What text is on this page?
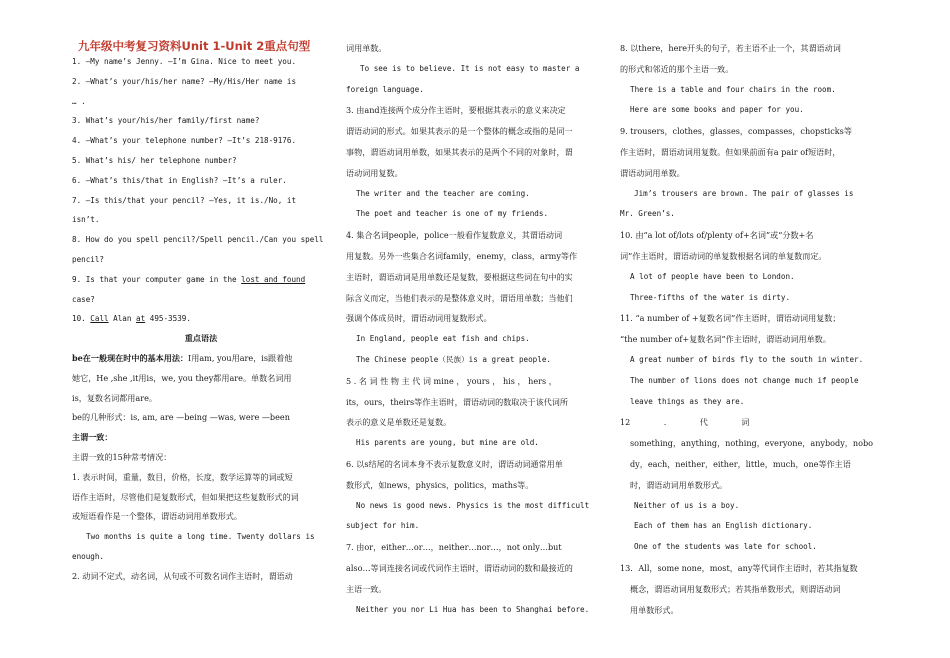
九年级中考复习资料Unit 1-Unit 2重点句型

1. —My name’s Jenny. —I’m Gina. Nice to meet you.

2. —What’s your/his/her name? —My/His/Her name is

… .

3. What’s your/his/her family/first name?

4. —What’s your telephone number? —It’s 218-9176.

5. What’s his/ her telephone number?

6. —What’s this/that in English? —It’s a ruler.

7. —Is this/that your pencil? —Yes, it is./No, it

isn’t.

8. How do you spell pencil?/Spell pencil./Can you spell

pencil?

9. Is that your computer game in the lost and found

case?

10. Call Alan at 495-3539.

重点语法

be在一般现在时中的基本用法：I用am, you用are，is跟着他

她它，He ,she ,it用is，we, you they都用are。单数名词用

is，复数名词都用are。

be的几种形式：is, am, are —being —was, were —been

主谓一致：

主谓一致的15种常考情况：

1. 表示时间，重量，数目，价格，长度，数学运算等的词或短

语作主语时，尽管他们是复数形式，但如果把这些复数形式的词

或短语看作是一个整体，谓语动词用单数形式。

Two months is quite a long time. Twenty dollars is

enough.

2. 动词不定式，动名词，从句或不可数名词作主语时，谓语动

词用单数。

To see is to believe. It is not easy to master a

foreign language.

3. 由and连接两个成分作主语时，要根据其表示的意义来决定

谓语动词的形式。如果其表示的是一个整体的概念或指的是同一

事物，谓语动词用单数，如果其表示的是两个不同的对象时，谓

语动词用复数。

The writer and the teacher are coming.

The poet and teacher is one of my friends.

4. 集合名词people，police一般看作复数意义，其谓语动词

用复数。另外一些集合名词family，enemy，class，army等作

主语时，谓语动词是用单数还是复数，要根据这些词在句中的实

际含义而定，当他们表示的是整体意义时，谓语用单数；当他们

强调个体成员时，谓语动词用复数形式。

In England, people eat fish and chips.

The Chinese people（民族）is a great people.

5 . 名 词 性 物 主 代 词 mine ， yours ， his ， hers ，

its，ours，theirs等作主语时，谓语动词的数取决于该代词所

表示的意义是单数还是复数。

His parents are young, but mine are old.

6. 以s结尾的名词本身不表示复数意义时，谓语动词通常用单

数形式，如news，physics，politics，maths等。

No news is good news. Physics is the most difficult

subject for him.

7. 由or，either…or…，neither…nor…，not only…but

also…等词连接名词或代词作主语时，谓语动词的数和最接近的

主语一致。

Neither you nor Li Hua has been to Shanghai before.

8. 以there，here开头的句子，若主语不止一个，其谓语动词

的形式和邻近的那个主语一致。

There is a table and four chairs in the room.

Here are some books and paper for you.

9. trousers，clothes，glasses，compasses，chopsticks等

作主语时，谓语动词用复数。但如果前面有a pair of短语时，

谓语动词用单数。

Jim’s trousers are brown. The pair of glasses is

Mr. Green’s.

10. 由“a lot of/lots of/plenty of+名词”或“分数+名

词”作主语时，谓语动词的单复数根据名词的单复数而定。

A lot of people have been to London.

Three-fifths of the water is dirty.

11. “a number of +复数名词”作主语时，谓语动词用复数；

“the number of+复数名词”作主语时，谓语动词用单数。

A great number of birds fly to the south in winter.

The number of lions does not change much if people

leave things as they are.

12             .             代             词

something，anything，nothing，everyone，anybody，nobo

dy，each，neither，either，little，much，one等作主语

时，谓语动词用单数形式。

Neither of us is a boy.

Each of them has an English dictionary.

One of the students was late for school.

13．All，some none，most，any等代词作主语时，若其指复数

概念，谓语动词用复数形式；若其指单数形式，则谓语动词

用单数形式。
